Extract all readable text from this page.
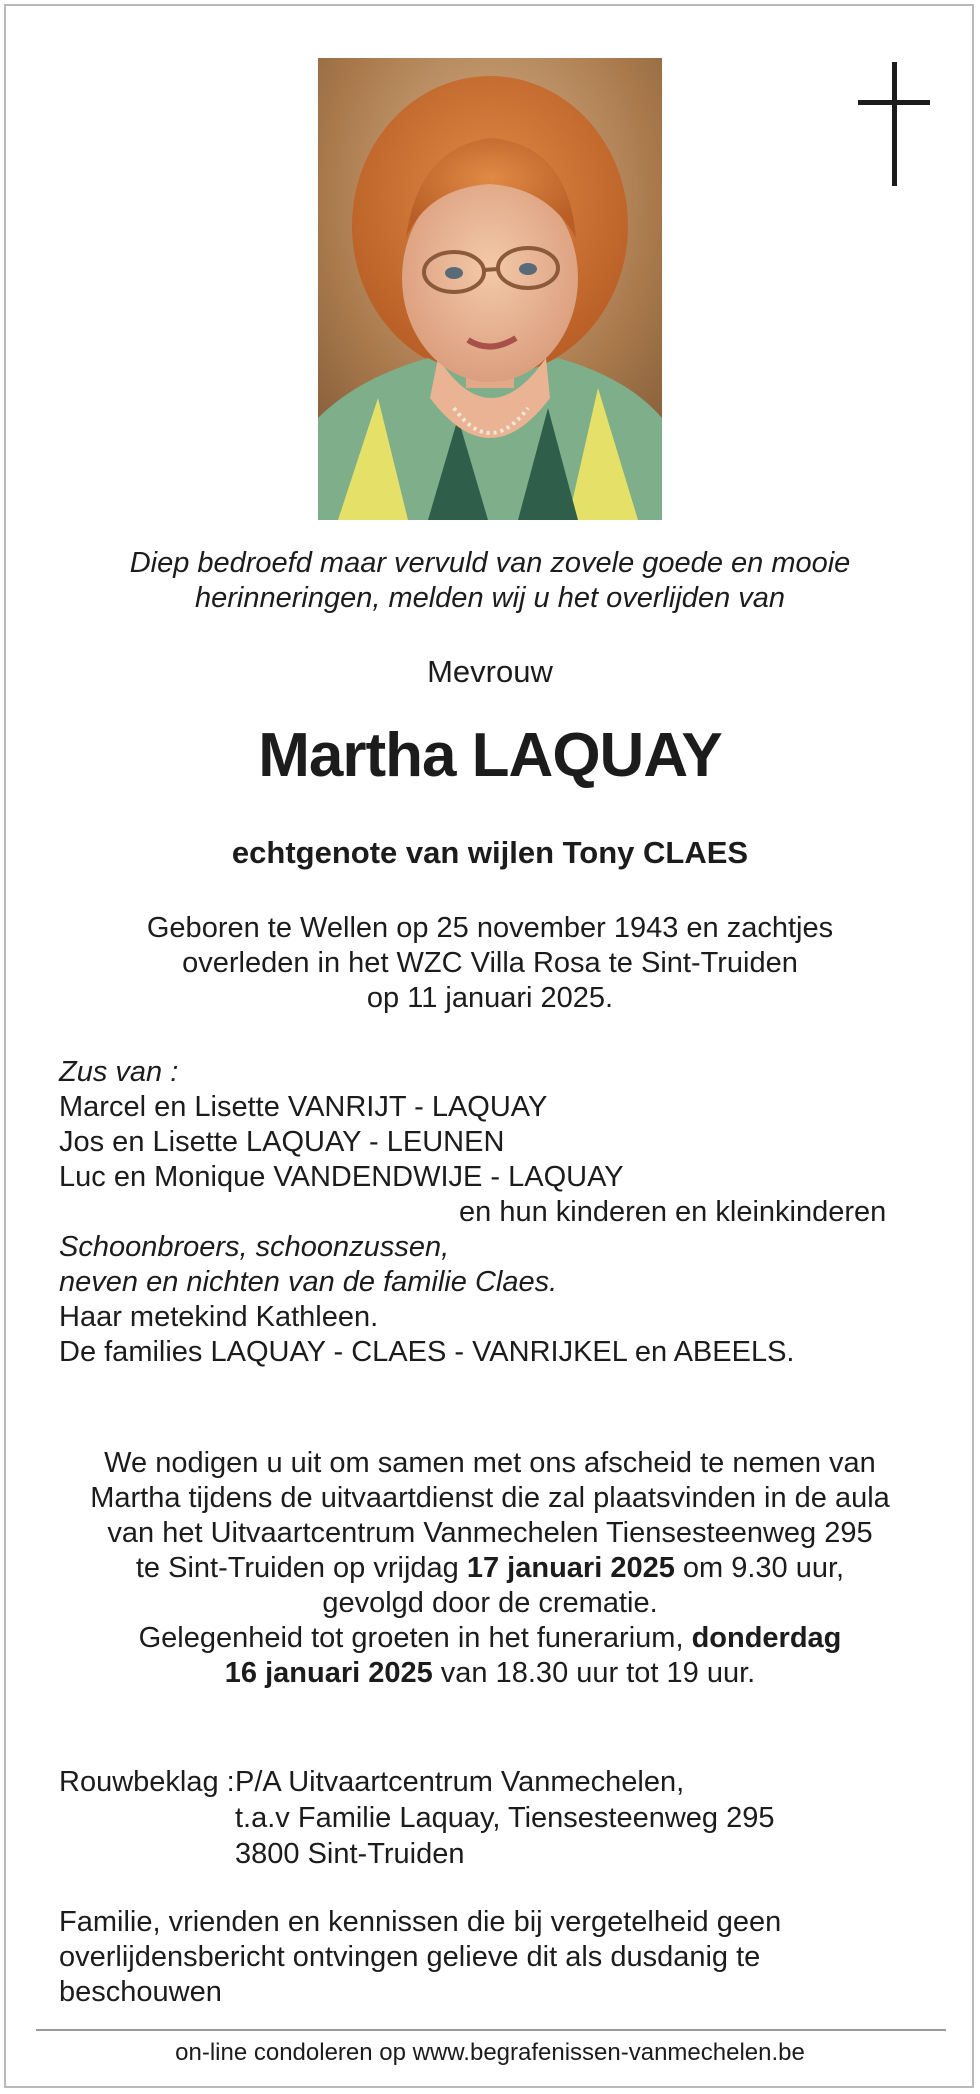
Diep bedroefd maar vervuld van zovele goede en mooie
herinneringen, melden wij u het overlijden van
Mevrouw
Martha LAQUAY
echtgenote van wijlen Tony CLAES
Geboren te Wellen op 25 november 1943 en zachtjes
overleden in het WZC Villa Rosa te Sint-Truiden
op 11 januari 2025.
Zus van :
Marcel en Lisette VANRIJT - LAQUAY
Jos en Lisette LAQUAY - LEUNEN
Luc en Monique VANDENDWIJE - LAQUAY
en hun kinderen en kleinkinderen
Schoonbroers, schoonzussen,
neven en nichten van de familie Claes.
Haar metekind Kathleen.
De families LAQUAY - CLAES - VANRIJKEL en ABEELS.
We nodigen u uit om samen met ons afscheid te nemen van
Martha tijdens de uitvaartdienst die zal plaatsvinden in de aula
van het Uitvaartcentrum Vanmechelen Tiensesteenweg 295
te Sint-Truiden op vrijdag 17 januari 2025 om 9.30 uur,
gevolgd door de crematie.
Gelegenheid tot groeten in het funerarium, donderdag
16 januari 2025 van 18.30 uur tot 19 uur.
Rouwbeklag : P/A Uitvaartcentrum Vanmechelen,
t.a.v Familie Laquay, Tiensesteenweg 295
3800 Sint-Truiden
Familie, vrienden en kennissen die bij vergetelheid geen overlijdensbericht ontvingen gelieve dit als dusdanig te beschouwen
on-line condoleren op www.begrafenissen-vanmechelen.be
